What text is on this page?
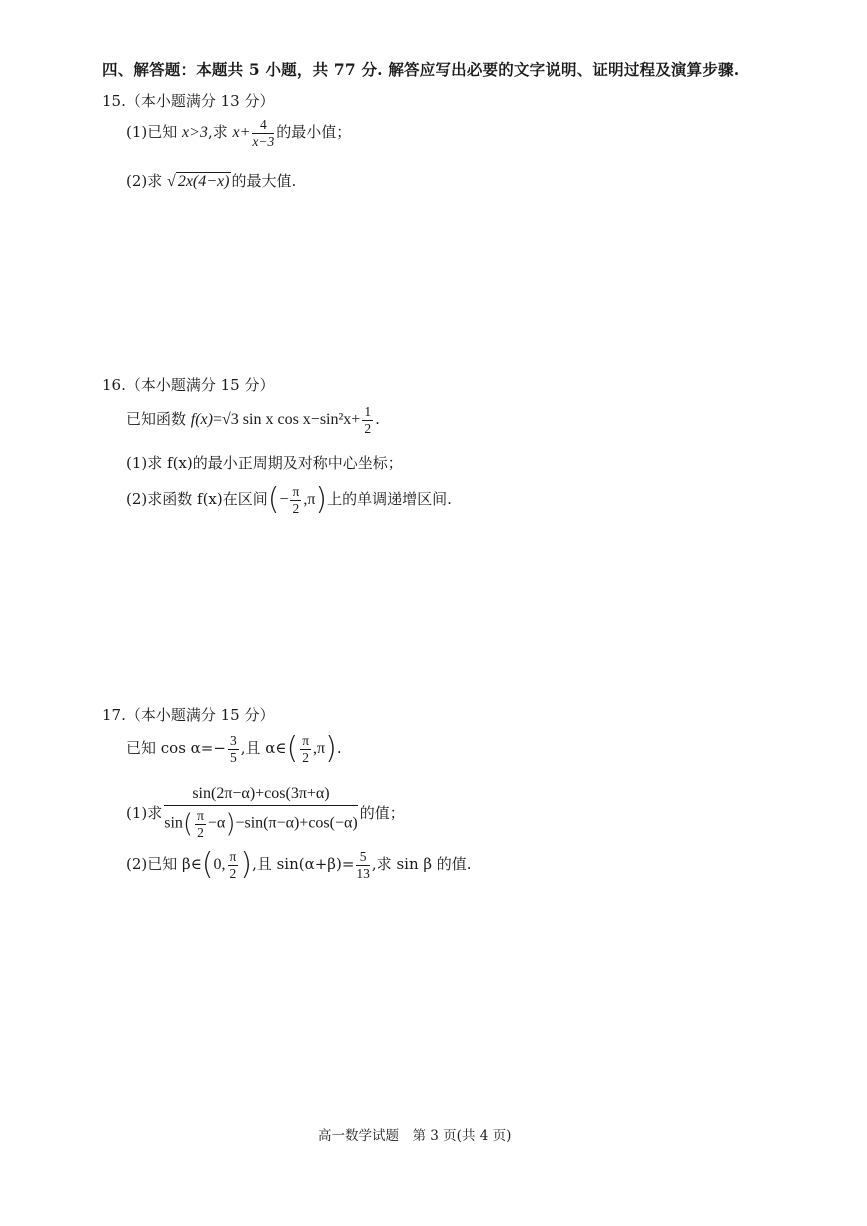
四、解答题：本题共 5 小题，共 77 分. 解答应写出必要的文字说明、证明过程及演算步骤.
15.（本小题满分 13 分）
(1)已知 x>3,求 $x+ \frac{4}{x-3}$ 的最小值；
(2)求 √ 2x(4−x) 的最大值.
16.（本小题满分 15 分）
已知函数 f(x)=√3 sin x $\cos x-\sin^2x+ \frac{1}{2}$ .
(1)求 f(x)的最小正周期及对称中心坐标；
(2)求函数 f(x)在区间(− $\frac{\pi}{2} ,\pi$)上的单调递增区间.
17.（本小题满分 15 分）
已知 $\cos \alpha=- \frac{3}{5}$ ,且 α∈( $\frac{\pi}{2} ,\pi$).
(1)求 $\frac{\sin(2\pi-\alpha)+\cos(3\pi+\alpha)}{\sin( \frac{\pi}{2} -\alpha)-\sin(\pi-\alpha)+\cos(-\alpha)}$ 的值；
(2)已知 β∈(0, $\frac{\pi}{2}$ ),且 $\sin(\alpha+\beta)= \frac{5}{13}$ ,求 sin β 的值.
高一数学试题　第 3 页(共 4 页)
